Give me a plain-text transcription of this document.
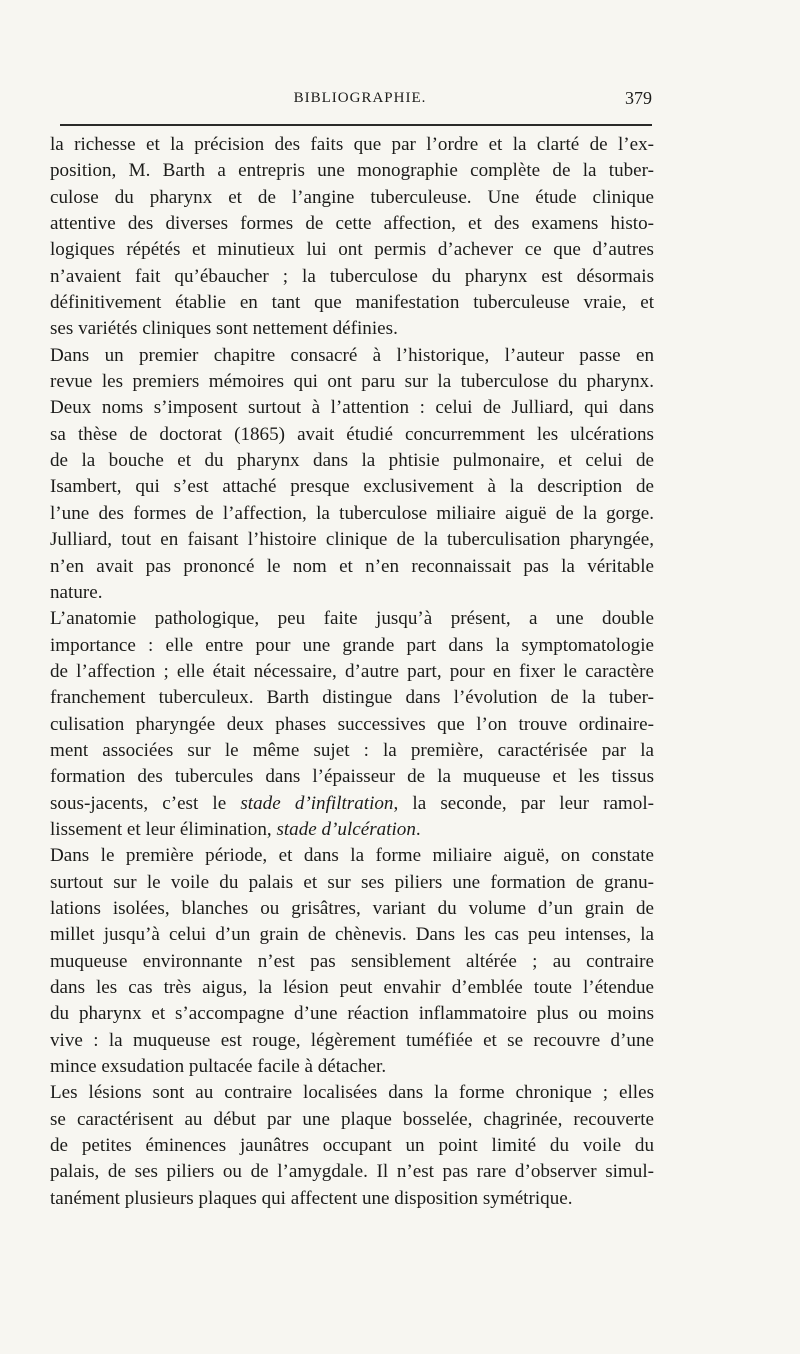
BIBLIOGRAPHIE.	379

la richesse et la précision des faits que par l’ordre et la clarté de l’ex-
position, M. Barth a entrepris une monographie complète de la tuber-
culose du pharynx et de l’angine tuberculeuse. Une étude clinique
attentive des diverses formes de cette affection, et des examens histo-
logiques répétés et minutieux lui ont permis d’achever ce que d’autres
n’avaient fait qu’ébaucher ; la tuberculose du pharynx est désormais
définitivement établie en tant que manifestation tuberculeuse vraie, et
ses variétés cliniques sont nettement définies.

Dans un premier chapitre consacré à l’historique, l’auteur passe en
revue les premiers mémoires qui ont paru sur la tuberculose du pharynx.
Deux noms s’imposent surtout à l’attention : celui de Julliard, qui dans
sa thèse de doctorat (1865) avait étudié concurremment les ulcérations
de la bouche et du pharynx dans la phtisie pulmonaire, et celui de
Isambert, qui s’est attaché presque exclusivement à la description de
l’une des formes de l’affection, la tuberculose miliaire aiguë de la gorge.
Julliard, tout en faisant l’histoire clinique de la tuberculisation pharyngée,
n’en avait pas prononcé le nom et n’en reconnaissait pas la véritable
nature.

L’anatomie pathologique, peu faite jusqu’à présent, a une double
importance : elle entre pour une grande part dans la symptomatologie
de l’affection ; elle était nécessaire, d’autre part, pour en fixer le caractère
franchement tuberculeux. Barth distingue dans l’évolution de la tuber-
culisation pharyngée deux phases successives que l’on trouve ordinaire-
ment associées sur le même sujet : la première, caractérisée par la
formation des tubercules dans l’épaisseur de la muqueuse et les tissus
sous-jacents, c’est le stade d’infiltration, la seconde, par leur ramol-
lissement et leur élimination, stade d’ulcération.

Dans le première période, et dans la forme miliaire aiguë, on constate
surtout sur le voile du palais et sur ses piliers une formation de granu-
lations isolées, blanches ou grisâtres, variant du volume d’un grain de
millet jusqu’à celui d’un grain de chènevis. Dans les cas peu intenses, la
muqueuse environnante n’est pas sensiblement altérée ; au contraire
dans les cas très aigus, la lésion peut envahir d’emblée toute l’étendue
du pharynx et s’accompagne d’une réaction inflammatoire plus ou moins
vive : la muqueuse est rouge, légèrement tuméfiée et se recouvre d’une
mince exsudation pultacée facile à détacher.

Les lésions sont au contraire localisées dans la forme chronique ; elles
se caractérisent au début par une plaque bosselée, chagrinée, recouverte
de petites éminences jaunâtres occupant un point limité du voile du
palais, de ses piliers ou de l’amygdale. Il n’est pas rare d’observer simul-
tanément plusieurs plaques qui affectent une disposition symétrique.
